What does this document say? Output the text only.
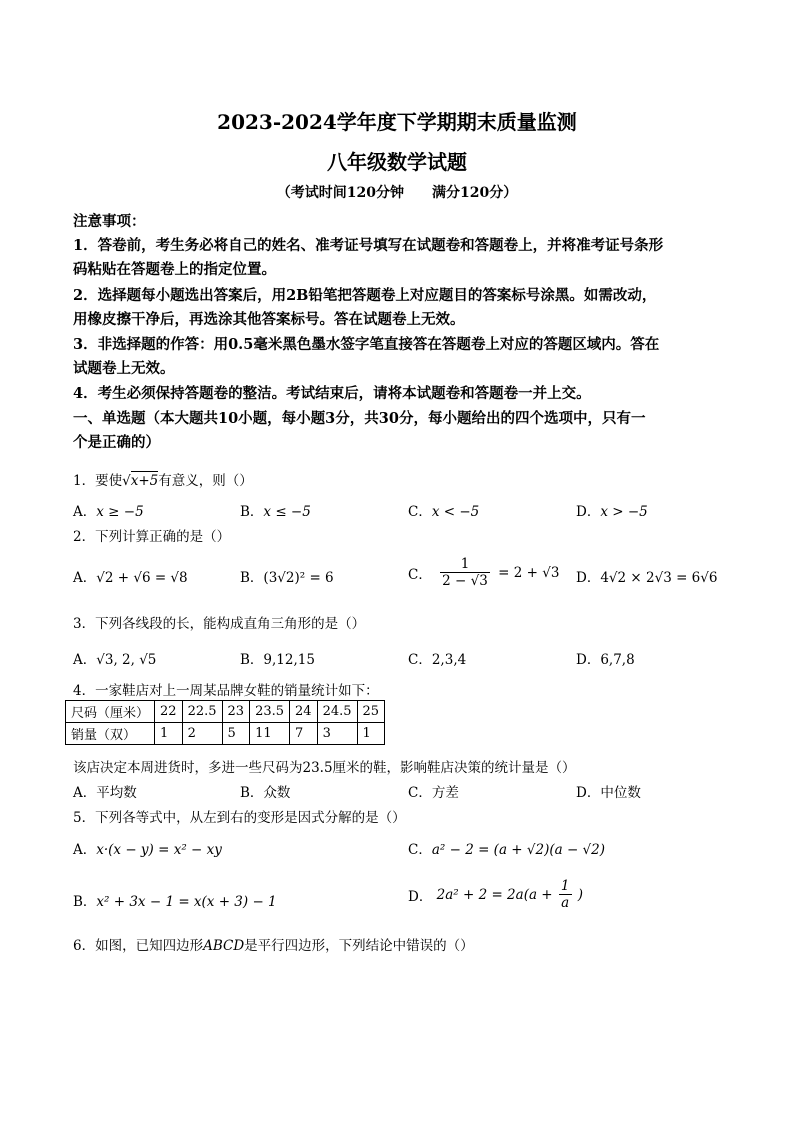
2023-2024学年度下学期期末质量监测
八年级数学试题
（考试时间120分钟　　满分120分）
注意事项：
1．答卷前，考生务必将自己的姓名、准考证号填写在试题卷和答题卷上，并将准考证号条形
码粘贴在答题卷上的指定位置。
2．选择题每小题选出答案后，用2B铅笔把答题卷上对应题目的答案标号涂黑。如需改动，
用橡皮擦干净后，再选涂其他答案标号。答在试题卷上无效。
3．非选择题的作答：用0.5毫米黑色墨水签字笔直接答在答题卷上对应的答题区域内。答在
试题卷上无效。
4．考生必须保持答题卷的整洁。考试结束后，请将本试题卷和答题卷一并上交。
一、单选题（本大题共10小题，每小题3分，共30分，每小题给出的四个选项中，只有一
个是正确的）
1．要使√x+5有意义，则（）
A．x ≥ −5	B．x ≤ −5	C．x < −5	D．x > −5
2．下列计算正确的是（）
A．√2 + √6 = √8	B．(3√2)² = 6	C． $\frac{1}{2 - √3} = 2 + √3$ D．4√2 × 2√3 = 6√6
3．下列各线段的长，能构成直角三角形的是（）
A．√3, 2, √5	B．9,12,15	C．2,3,4	D．6,7,8
4．一家鞋店对上一周某品牌女鞋的销量统计如下：
尺码（厘米）	22	22.5	23	23.5	24	24.5	25
销量（双）	1	2	5	11	7	3	1
该店决定本周进货时，多进一些尺码为23.5厘米的鞋，影响鞋店决策的统计量是（）
A．平均数	B．众数	C．方差	D．中位数
5．下列各等式中，从左到右的变形是因式分解的是（）
A．x·(x − y) = x² − xy	C．a² − 2 = (a + √2)(a − √2)
B．x² + 3x − 1 = x(x + 3) − 1	D． $2a^2 + 2 = 2a(a + \frac{1}{a}$ )
6．如图，已知四边形ABCD是平行四边形，下列结论中错误的（）
